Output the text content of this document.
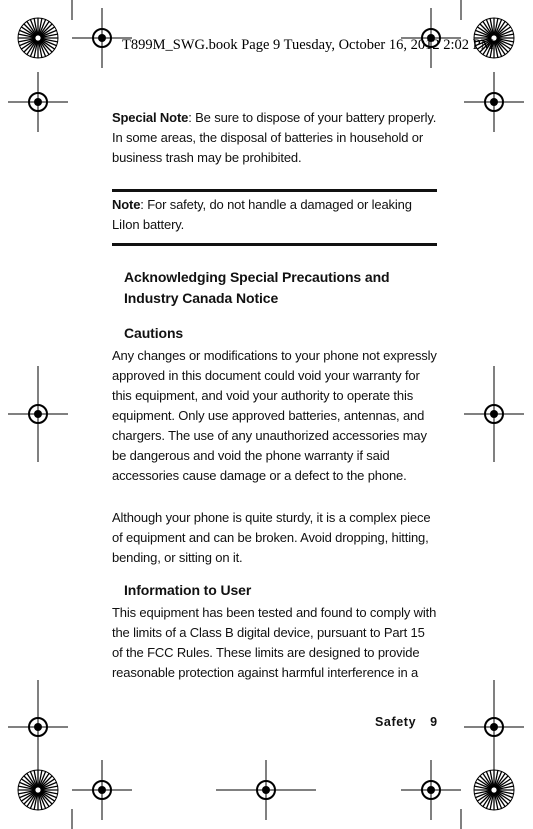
T899M_SWG.book Page 9 Tuesday, October 16, 2012 2:02 PM
Special Note: Be sure to dispose of your battery properly. In some areas, the disposal of batteries in household or business trash may be prohibited.
Note: For safety, do not handle a damaged or leaking LiIon battery.
Acknowledging Special Precautions and
Industry Canada Notice
Cautions
Any changes or modifications to your phone not expressly approved in this document could void your warranty for this equipment, and void your authority to operate this equipment. Only use approved batteries, antennas, and chargers. The use of any unauthorized accessories may be dangerous and void the phone warranty if said accessories cause damage or a defect to the phone.
Although your phone is quite sturdy, it is a complex piece of equipment and can be broken. Avoid dropping, hitting, bending, or sitting on it.
Information to User
This equipment has been tested and found to comply with the limits of a Class B digital device, pursuant to Part 15 of the FCC Rules. These limits are designed to provide reasonable protection against harmful interference in a
Safety 9
